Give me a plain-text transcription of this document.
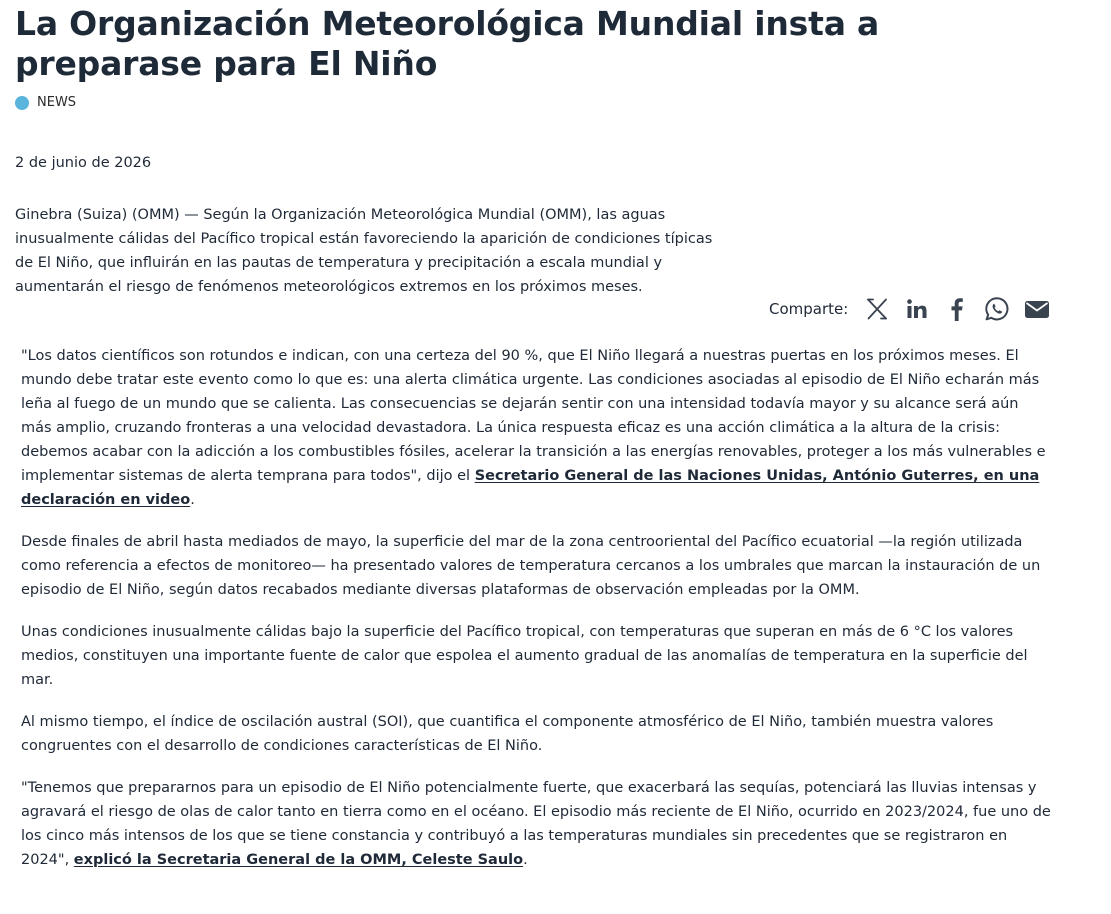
La Organización Meteorológica Mundial insta a preparase para El Niño
NEWS
2 de junio de 2026

Ginebra (Suiza) (OMM) — Según la Organización Meteorológica Mundial (OMM), las aguas inusualmente cálidas del Pacífico tropical están favoreciendo la aparición de condiciones típicas de El Niño, que influirán en las pautas de temperatura y precipitación a escala mundial y aumentarán el riesgo de fenómenos meteorológicos extremos en los próximos meses.

Comparte:

"Los datos científicos son rotundos e indican, con una certeza del 90 %, que El Niño llegará a nuestras puertas en los próximos meses. El mundo debe tratar este evento como lo que es: una alerta climática urgente. Las condiciones asociadas al episodio de El Niño echarán más leña al fuego de un mundo que se calienta. Las consecuencias se dejarán sentir con una intensidad todavía mayor y su alcance será aún más amplio, cruzando fronteras a una velocidad devastadora. La única respuesta eficaz es una acción climática a la altura de la crisis: debemos acabar con la adicción a los combustibles fósiles, acelerar la transición a las energías renovables, proteger a los más vulnerables e implementar sistemas de alerta temprana para todos", dijo el Secretario General de las Naciones Unidas, António Guterres, en una declaración en video.

Desde finales de abril hasta mediados de mayo, la superficie del mar de la zona centrooriental del Pacífico ecuatorial —la región utilizada como referencia a efectos de monitoreo— ha presentado valores de temperatura cercanos a los umbrales que marcan la instauración de un episodio de El Niño, según datos recabados mediante diversas plataformas de observación empleadas por la OMM.

Unas condiciones inusualmente cálidas bajo la superficie del Pacífico tropical, con temperaturas que superan en más de 6 °C los valores medios, constituyen una importante fuente de calor que espolea el aumento gradual de las anomalías de temperatura en la superficie del mar.

Al mismo tiempo, el índice de oscilación austral (SOI), que cuantifica el componente atmosférico de El Niño, también muestra valores congruentes con el desarrollo de condiciones características de El Niño.

"Tenemos que prepararnos para un episodio de El Niño potencialmente fuerte, que exacerbará las sequías, potenciará las lluvias intensas y agravará el riesgo de olas de calor tanto en tierra como en el océano. El episodio más reciente de El Niño, ocurrido en 2023/2024, fue uno de los cinco más intensos de los que se tiene constancia y contribuyó a las temperaturas mundiales sin precedentes que se registraron en 2024", explicó la Secretaria General de la OMM, Celeste Saulo.
